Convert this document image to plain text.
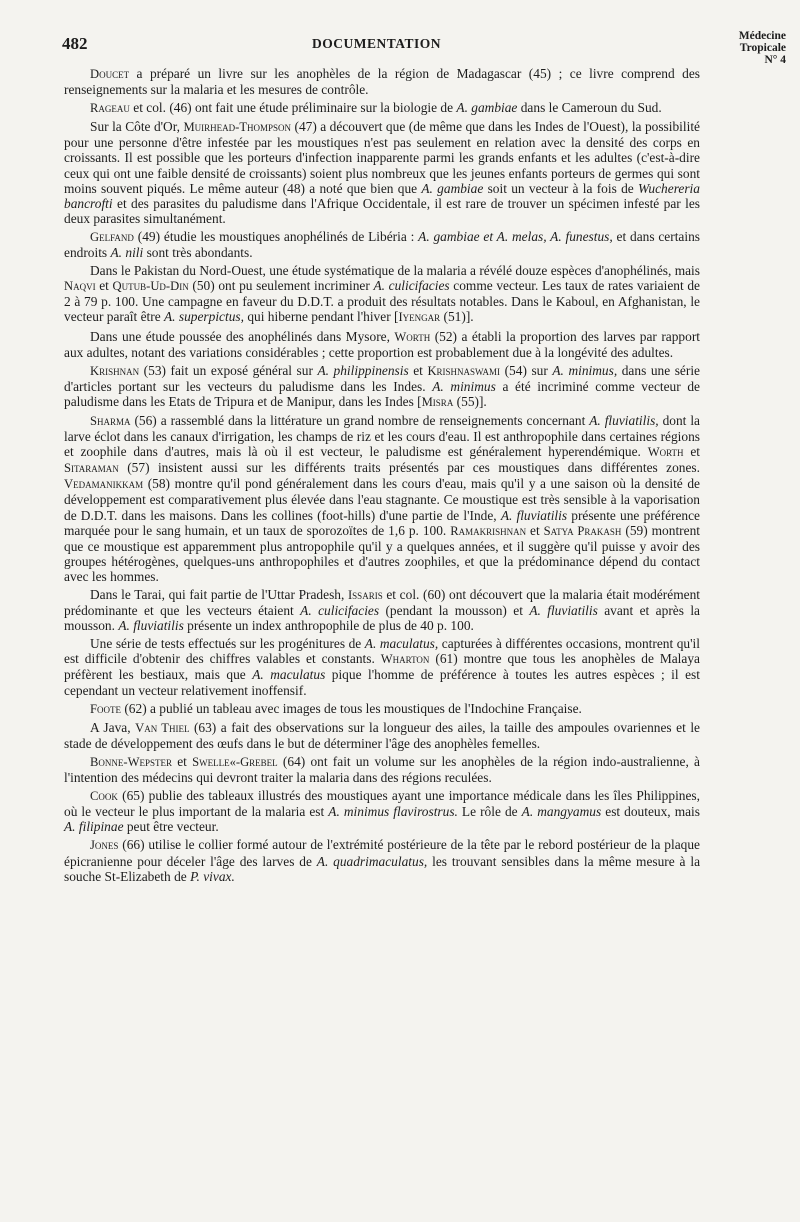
482	DOCUMENTATION	Médecine
Tropicale
N° 4

Doucet a préparé un livre sur les anophèles de la région de Madagascar (45) ; ce livre comprend des renseignements sur la malaria et les mesures de contrôle.

Rageau et col. (46) ont fait une étude préliminaire sur la biologie de A. gambiae dans le Cameroun du Sud.

Sur la Côte d'Or, Muirhead-Thompson (47) a découvert que (de même que dans les Indes de l'Ouest), la possibilité pour une personne d'être infestée par les moustiques n'est pas seulement en relation avec la densité des corps en croissants. Il est possible que les porteurs d'infection inapparente parmi les grands enfants et les adultes (c'est-à-dire ceux qui ont une faible densité de croissants) soient plus nombreux que les jeunes enfants porteurs de germes qui sont moins souvent piqués. Le même auteur (48) a noté que bien que A. gambiae soit un vecteur à la fois de Wuchereria bancrofti et des parasites du paludisme dans l'Afrique Occidentale, il est rare de trouver un spécimen infesté par les deux parasites simultanément.

Gelfand (49) étudie les moustiques anophélinés de Libéria : A. gambiae et A. melas, A. funestus, et dans certains endroits A. nili sont très abondants.

Dans le Pakistan du Nord-Ouest, une étude systématique de la malaria a révélé douze espèces d'anophélinés, mais Naqvi et Qutub-Ud-Din (50) ont pu seulement incriminer A. culicifacies comme vecteur. Les taux de rates variaient de 2 à 79 p. 100. Une campagne en faveur du D.D.T. a produit des résultats notables. Dans le Kaboul, en Afghanistan, le vecteur paraît être A. superpictus, qui hiberne pendant l'hiver [Iyengar (51)].

Dans une étude poussée des anophélinés dans Mysore, Worth (52) a établi la proportion des larves par rapport aux adultes, notant des variations considérables ; cette proportion est probablement due à la longévité des adultes.

Krishnan (53) fait un exposé général sur A. philippinensis et Krishnaswami (54) sur A. minimus, dans une série d'articles portant sur les vecteurs du paludisme dans les Indes. A. minimus a été incriminé comme vecteur de paludisme dans les Etats de Tripura et de Manipur, dans les Indes [Misra (55)].

Sharma (56) a rassemblé dans la littérature un grand nombre de renseignements concernant A. fluviatilis, dont la larve éclot dans les canaux d'irrigation, les champs de riz et les cours d'eau. Il est anthropophile dans certaines régions et zoophile dans d'autres, mais là où il est vecteur, le paludisme est généralement hyperendémique. Worth et Sitaraman (57) insistent aussi sur les différents traits présentés par ces moustiques dans différentes zones. Vedamanikkam (58) montre qu'il pond généralement dans les cours d'eau, mais qu'il y a une saison où la densité de développement est comparativement plus élevée dans l'eau stagnante. Ce moustique est très sensible à la vaporisation de D.D.T. dans les maisons. Dans les collines (foot-hills) d'une partie de l'Inde, A. fluviatilis présente une préférence marquée pour le sang humain, et un taux de sporozoïtes de 1,6 p. 100. Ramakrishnan et Satya Prakash (59) montrent que ce moustique est apparemment plus antropophile qu'il y a quelques années, et il suggère qu'il puisse y avoir des groupes hétérogènes, quelques-uns anthropophiles et d'autres zoophiles, et que la prédominance dépend du contact avec les hommes.

Dans le Tarai, qui fait partie de l'Uttar Pradesh, Issaris et col. (60) ont découvert que la malaria était modérément prédominante et que les vecteurs étaient A. culicifacies (pendant la mousson) et A. fluviatilis avant et après la mousson. A. fluviatilis présente un index anthropophile de plus de 40 p. 100.

Une série de tests effectués sur les progénitures de A. maculatus, capturées à différentes occasions, montrent qu'il est difficile d'obtenir des chiffres valables et constants. Wharton (61) montre que tous les anophèles de Malaya préfèrent les bestiaux, mais que A. maculatus pique l'homme de préférence à toutes les autres espèces ; il est cependant un vecteur relativement inoffensif.

Foote (62) a publié un tableau avec images de tous les moustiques de l'Indochine Française.

A Java, Van Thiel (63) a fait des observations sur la longueur des ailes, la taille des ampoules ovariennes et le stade de développement des œufs dans le but de déterminer l'âge des anophèles femelles.

Bonne-Wepster et Swelle«-Grebel (64) ont fait un volume sur les anophèles de la région indo-australienne, à l'intention des médecins qui devront traiter la malaria dans des régions reculées.

Cook (65) publie des tableaux illustrés des moustiques ayant une importance médicale dans les îles Philippines, où le vecteur le plus important de la malaria est A. minimus flavirostrus. Le rôle de A. mangyamus est douteux, mais A. filipinae peut être vecteur.

Jones (66) utilise le collier formé autour de l'extrémité postérieure de la tête par le rebord postérieur de la plaque épicranienne pour déceler l'âge des larves de A. quadrimaculatus, les trouvant sensibles dans la même mesure à la souche St-Elizabeth de P. vivax.
